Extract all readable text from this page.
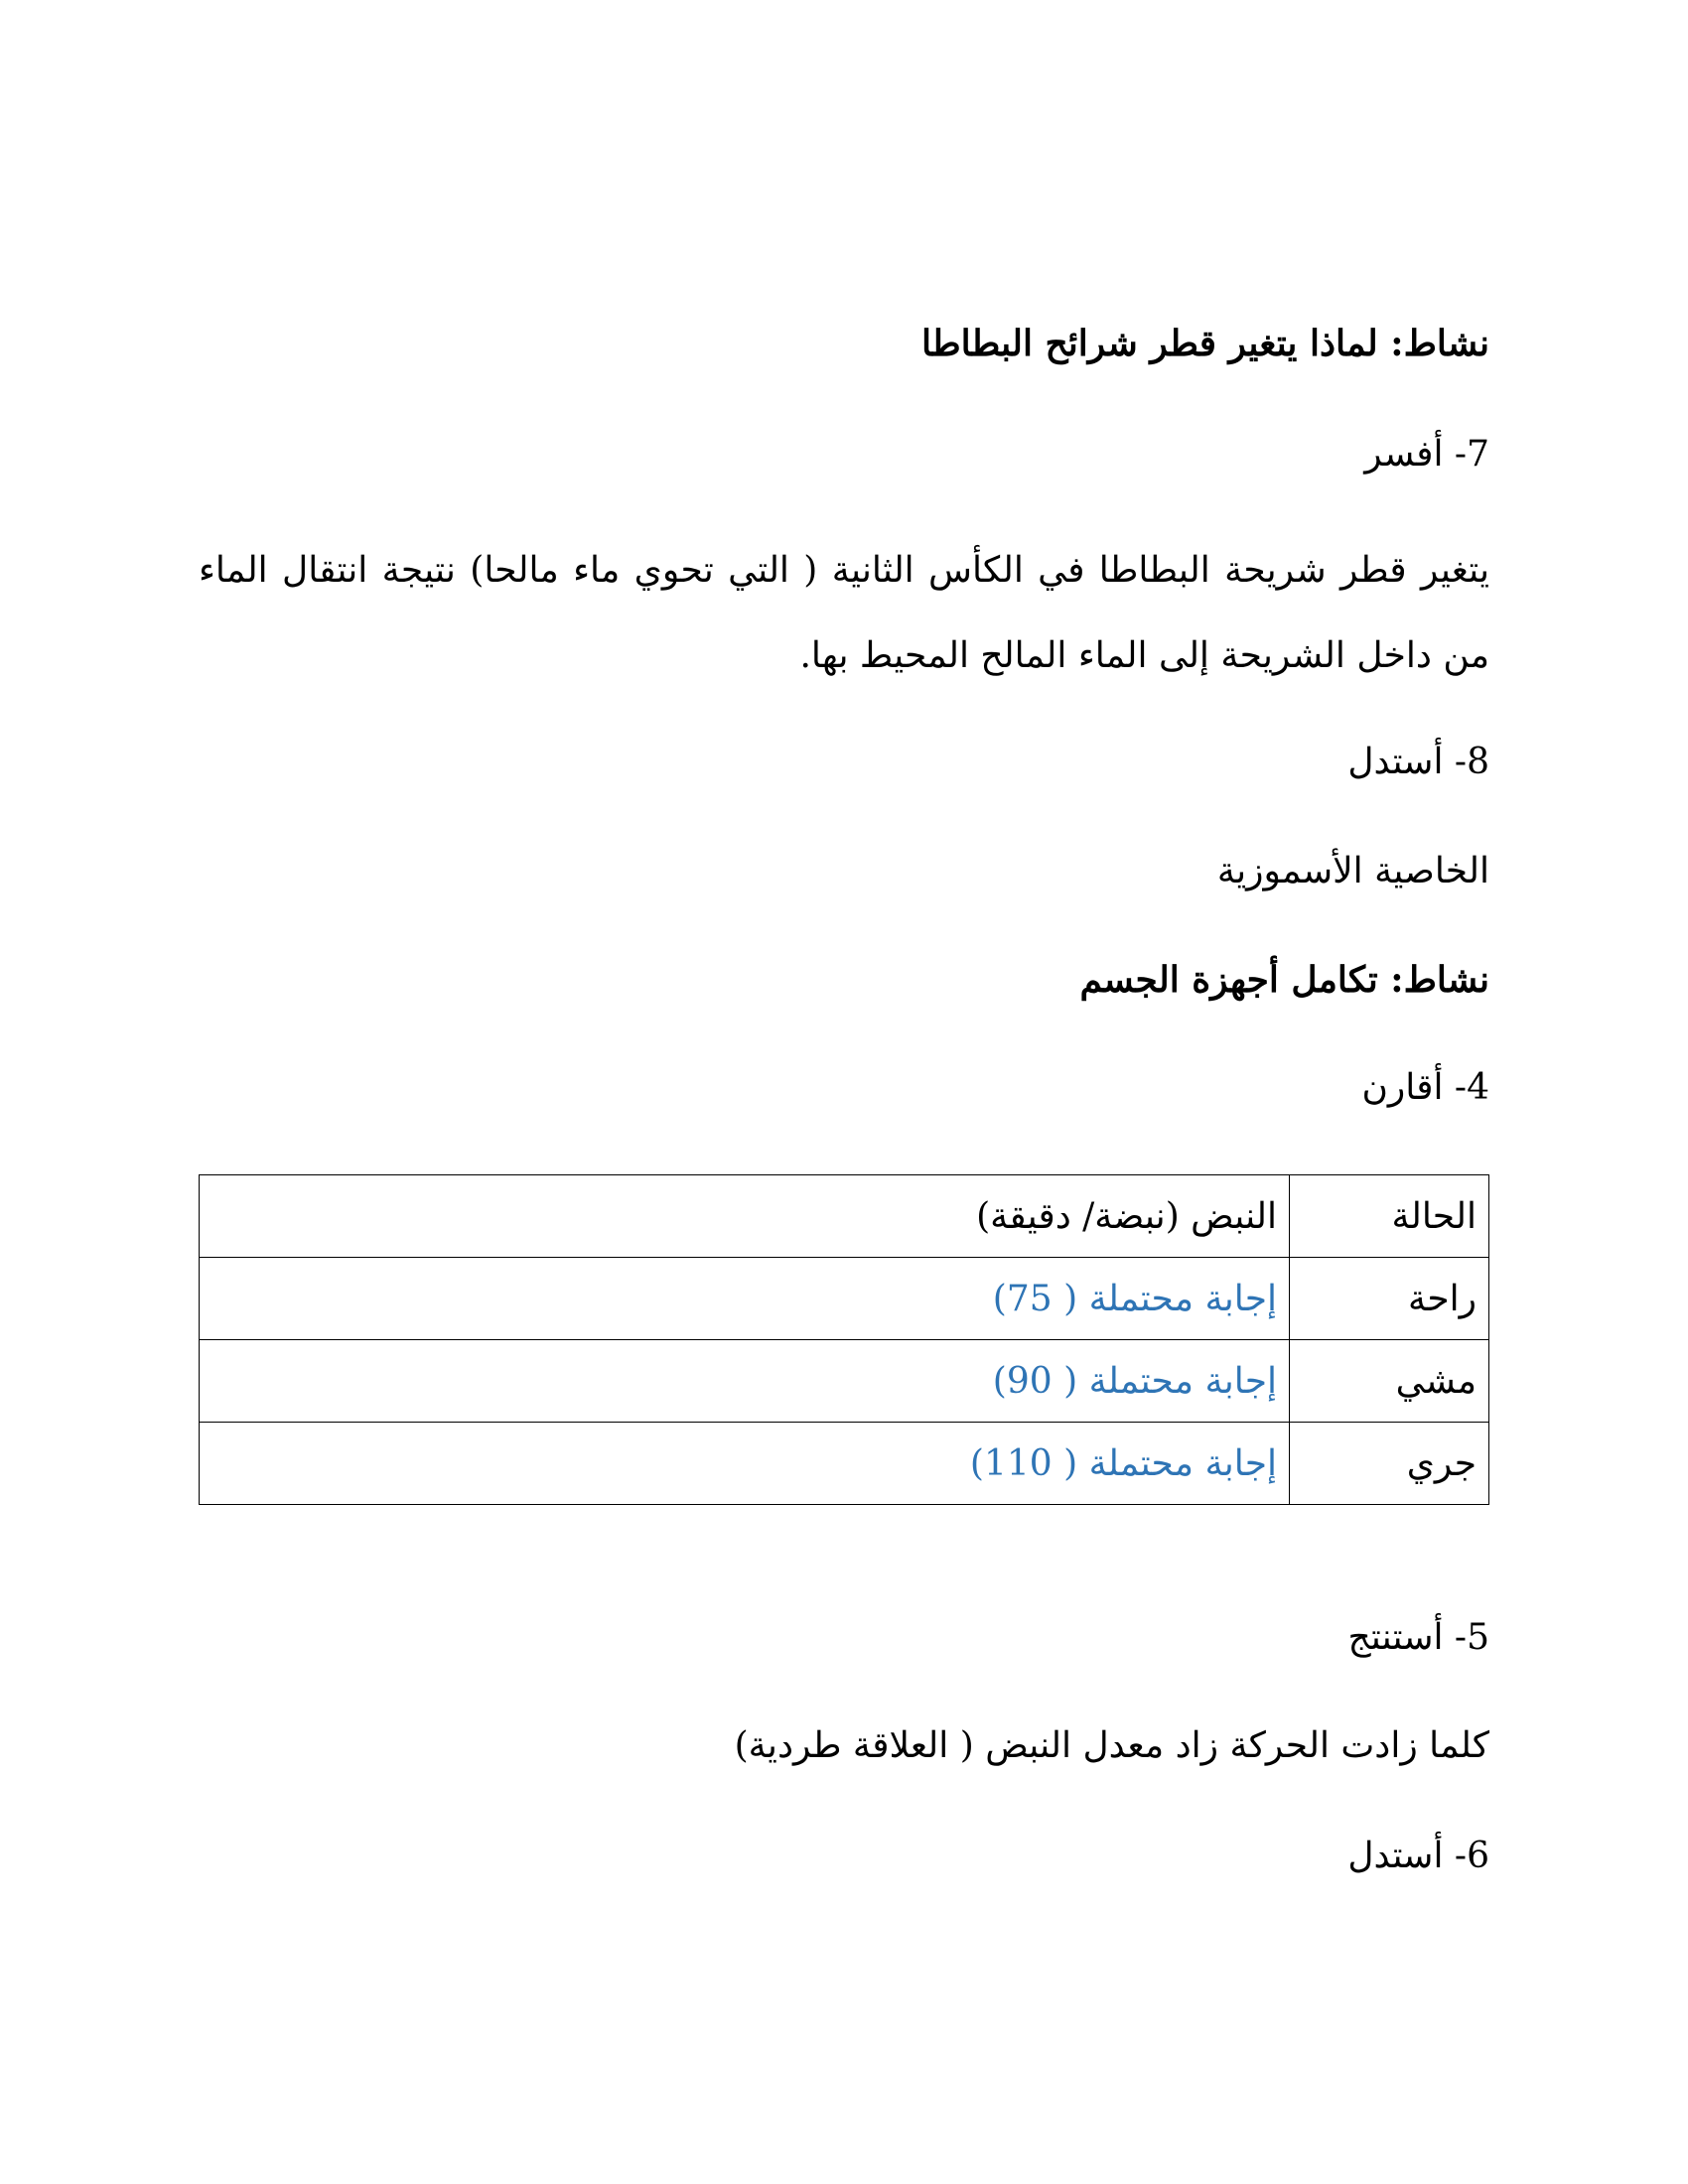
نشاط: لماذا يتغير قطر شرائح البطاطا

7- أفسر

يتغير قطر شريحة البطاطا في الكأس الثانية ( التي تحوي ماء مالحا) نتيجة انتقال الماء من داخل الشريحة إلى الماء المالح المحيط بها.

8- أستدل

الخاصية الأسموزية

نشاط: تكامل أجهزة الجسم

4- أقارن

الحالة	النبض (نبضة/ دقيقة)
راحة	إجابة محتملة ( 75)
مشي	إجابة محتملة ( 90)
جري	إجابة محتملة ( 110)

5- أستنتج

كلما زادت الحركة زاد معدل النبض ( العلاقة طردية)

6- أستدل
